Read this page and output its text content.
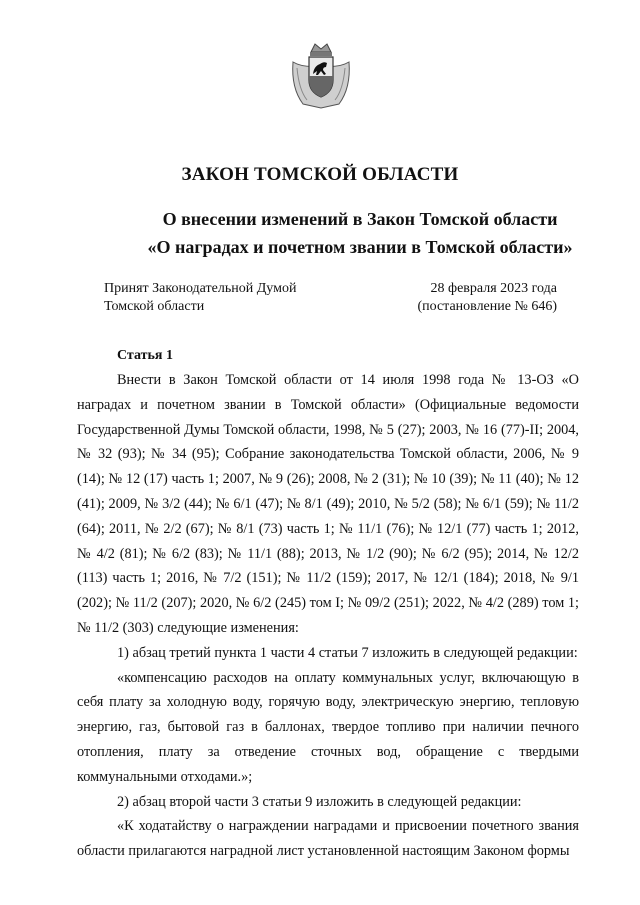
ЗАКОН ТОМСКОЙ ОБЛАСТИ
О внесении изменений в Закон Томской области
«О наградах и почетном звании в Томской области»
Принят Законодательной Думой
Томской области
28 февраля 2023 года
(постановление № 646)
Статья 1

Внести в Закон Томской области от 14 июля 1998 года № 13-ОЗ «О наградах и почетном звании в Томской области» (Официальные ведомости Государственной Думы Томской области, 1998, № 5 (27); 2003, № 16 (77)-II; 2004, № 32 (93); № 34 (95); Собрание законодательства Томской области, 2006, № 9 (14); № 12 (17) часть 1; 2007, № 9 (26); 2008, № 2 (31); № 10 (39); № 11 (40); № 12 (41); 2009, № 3/2 (44); № 6/1 (47); № 8/1 (49); 2010, № 5/2 (58); № 6/1 (59); № 11/2 (64); 2011, № 2/2 (67); № 8/1 (73) часть 1; № 11/1 (76); № 12/1 (77) часть 1; 2012, № 4/2 (81); № 6/2 (83); № 11/1 (88); 2013, № 1/2 (90); № 6/2 (95); 2014, № 12/2 (113) часть 1; 2016, № 7/2 (151); № 11/2 (159); 2017, № 12/1 (184); 2018, № 9/1 (202); № 11/2 (207); 2020, № 6/2 (245) том I; № 09/2 (251); 2022, № 4/2 (289) том 1; № 11/2 (303) следующие изменения:

1) абзац третий пункта 1 части 4 статьи 7 изложить в следующей редакции:

«компенсацию расходов на оплату коммунальных услуг, включающую в себя плату за холодную воду, горячую воду, электрическую энергию, тепловую энергию, газ, бытовой газ в баллонах, твердое топливо при наличии печного отопления, плату за отведение сточных вод, обращение с твердыми коммунальными отходами.»;

2) абзац второй части 3 статьи 9 изложить в следующей редакции:

«К ходатайству о награждении наградами и присвоении почетного звания области прилагаются наградной лист установленной настоящим Законом формы
